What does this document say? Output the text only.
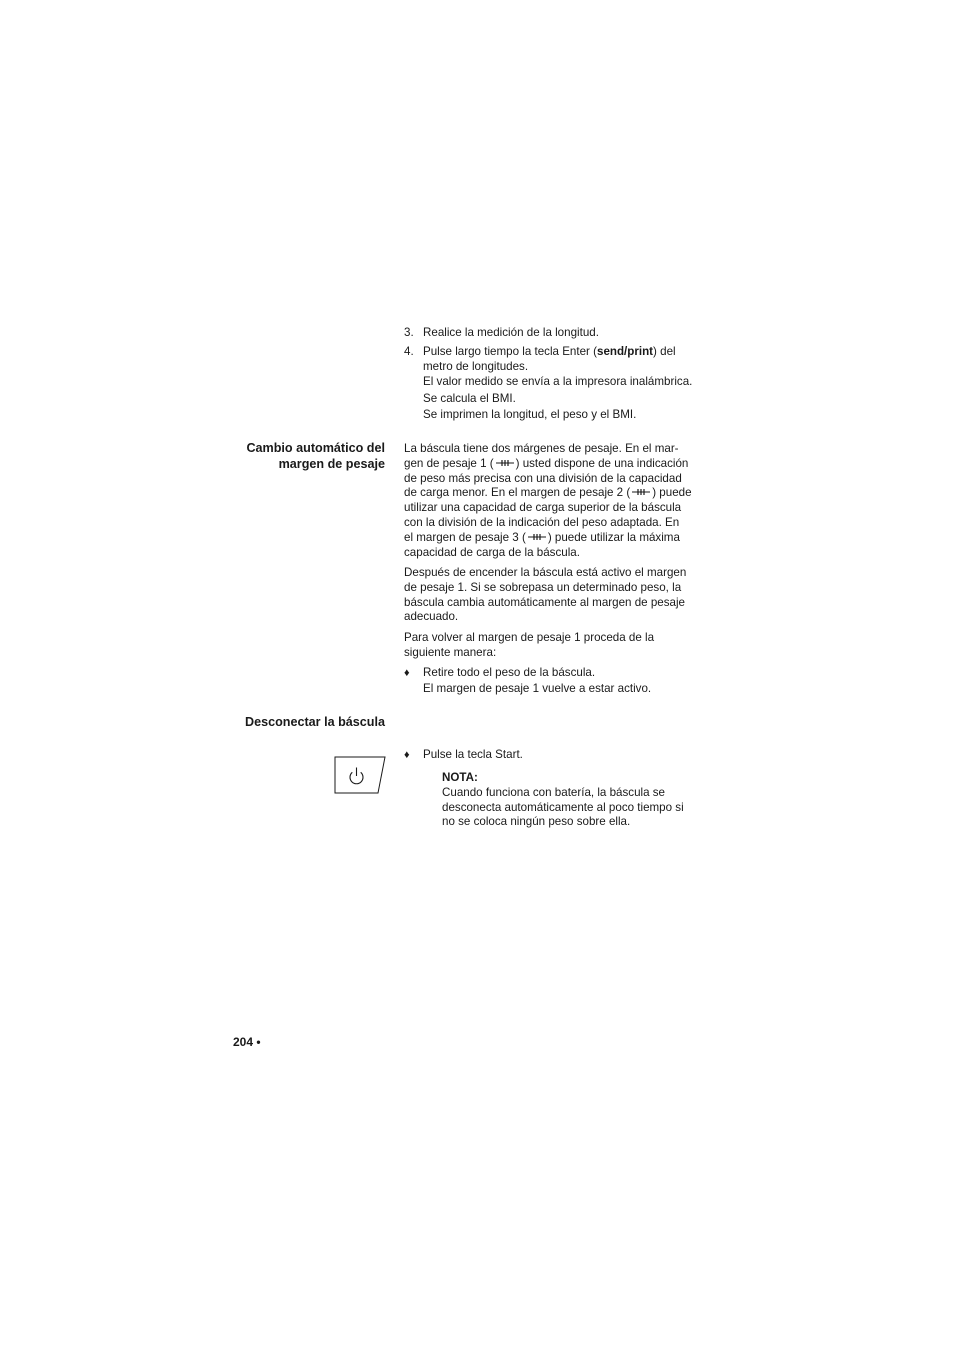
3. Realice la medición de la longitud.
4. Pulse largo tiempo la tecla Enter (send/print) del
metro de longitudes.
El valor medido se envía a la impresora inalámbrica.
Se calcula el BMI.
Se imprimen la longitud, el peso y el BMI.
Cambio automático del
margen de pesaje
La báscula tiene dos márgenes de pesaje. En el mar-
gen de pesaje 1 ( ) usted dispone de una indicación
de peso más precisa con una división de la capacidad
de carga menor. En el margen de pesaje 2 ( ) puede
utilizar una capacidad de carga superior de la báscula
con la división de la indicación del peso adaptada. En
el margen de pesaje 3 ( ) puede utilizar la máxima
capacidad de carga de la báscula.
Después de encender la báscula está activo el margen
de pesaje 1. Si se sobrepasa un determinado peso, la
báscula cambia automáticamente al margen de pesaje
adecuado.
Para volver al margen de pesaje 1 proceda de la
siguiente manera:
♦ Retire todo el peso de la báscula.
El margen de pesaje 1 vuelve a estar activo.
Desconectar la báscula
♦ Pulse la tecla Start.
NOTA:
Cuando funciona con batería, la báscula se
desconecta automáticamente al poco tiempo si
no se coloca ningún peso sobre ella.
204 •
